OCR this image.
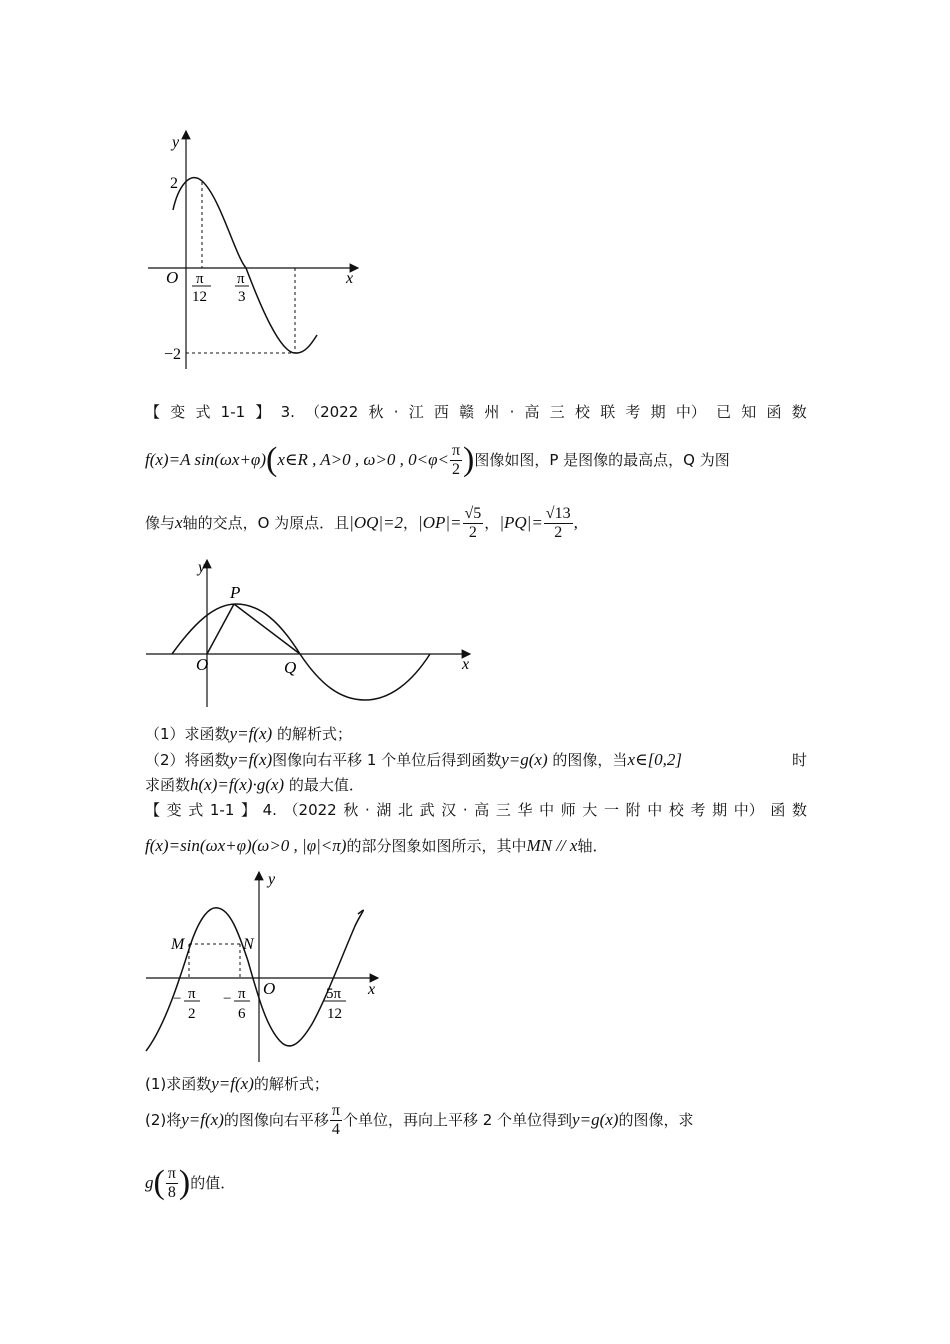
y
x
O
2
−2
π
12
π
3
【 变 式 1-1 】 3. （2022 秋 · 江 西 赣 州 · 高 三 校 联 考 期 中） 已 知 函 数
f(x)=A sin(ωx+φ) ( x∈R , A>0 , ω>0 , $0<\varphi< \frac{\pi}{2}$ ) 图像如图，P 是图像的最高点，Q 为图
像与 x 轴的交点，O 为原点．且 |OQ|=2 ， $|OP|= \frac{√5}{2}$ ， $|PQ|= \frac{√13}{2}$ ,
y
x
O
P
Q
（1）求函数y=f(x) 的解析式；
（2）将函数y=f(x)图像向右平移 1 个单位后得到函数y=g(x) 的图像，当x∈[0,2]	时
求函数h(x)=f(x)·g(x) 的最大值．
【 变 式 1-1 】 4. （2022 秋 · 湖 北 武 汉 · 高 三 华 中 师 大 一 附 中 校 考 期 中） 函 数
f(x)=sin(ωx+φ)(ω>0 , |φ|<π)的部分图象如图所示，其中MN // x轴．
y
x
O
M	N
− π
2
− π
6
5π
12
(1)求函数y=f(x)的解析式；
(2)将 y=f(x) 的图像向右平移 $\frac{\pi}{4}$ 个单位，再向上平移 2 个单位得到 y=g(x) 的图像，求
g ( $\frac{\pi}{8}$ ) 的值．
